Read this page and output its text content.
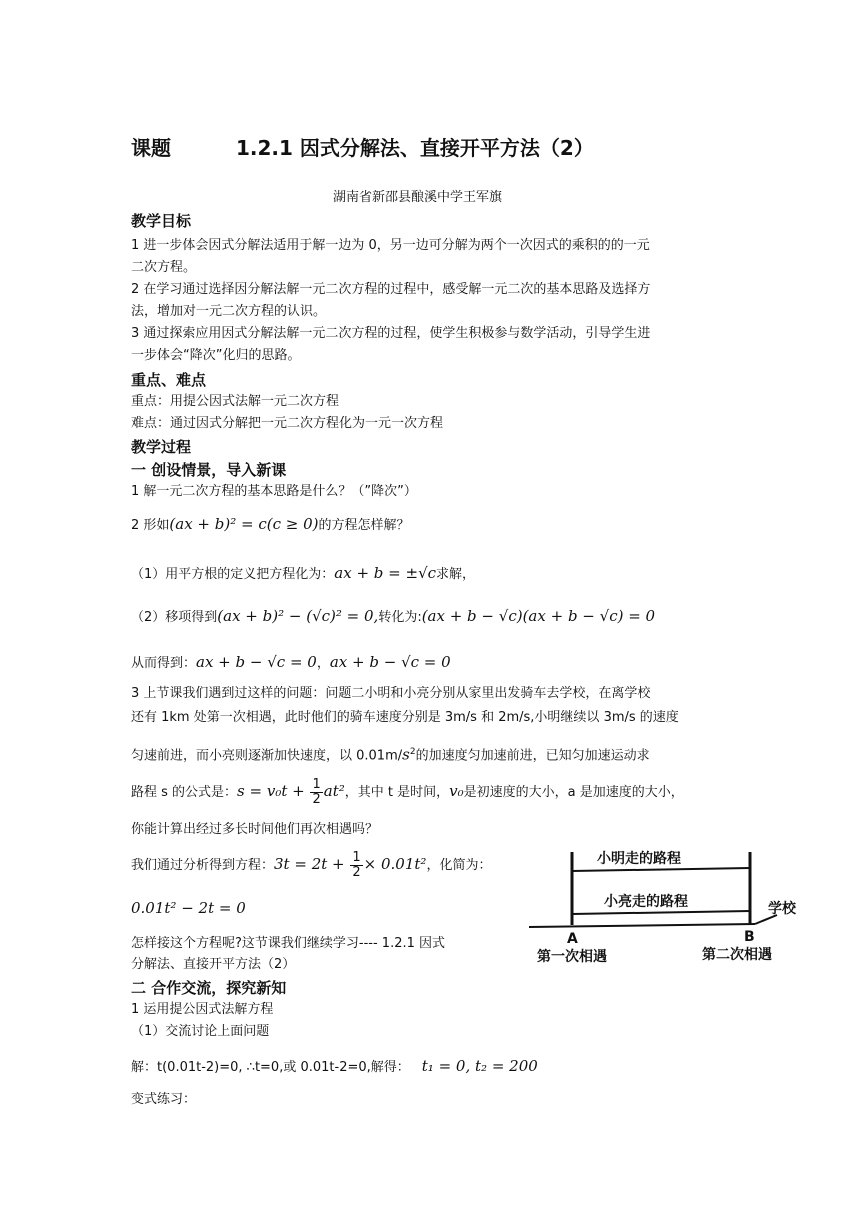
课题	1.2.1 因式分解法、直接开平方法（2）
湖南省新邵县酿溪中学王军旗
教学目标
1 进一步体会因式分解法适用于解一边为 0，另一边可分解为两个一次因式的乘积的的一元
二次方程。
2 在学习通过选择因分解法解一元二次方程的过程中，感受解一元二次的基本思路及选择方
法，增加对一元二次方程的认识。
3 通过探索应用因式分解法解一元二次方程的过程，使学生积极参与数学活动，引导学生进
一步体会“降次”化归的思路。
重点、难点
重点：用提公因式法解一元二次方程
难点：通过因式分解把一元二次方程化为一元一次方程
教学过程
一 创设情景，导入新课
1 解一元二次方程的基本思路是什么？（”降次”）
2 形如(ax + b)² = c(c ≥ 0)的方程怎样解？
（1）用平方根的定义把方程化为：ax + b = ±√c求解，
（2）移项得到(ax + b)² − (√c)² = 0,转化为:(ax + b − √c)(ax + b − √c) = 0
从而得到：ax + b − √c = 0，ax + b − √c = 0
3 上节课我们遇到过这样的问题：问题二小明和小亮分别从家里出发骑车去学校，在离学校
还有 1km 处第一次相遇，此时他们的骑车速度分别是 3m/s 和 2m/s,小明继续以 3m/s 的速度
匀速前进，而小亮则逐渐加快速度，以 $0.01m/s^2$的加速度匀加速前进，已知匀加速运动求
路程 s 的公式是：$s = v_0t + \frac{1}{2} at^2$，其中 t 是时间，v₀是初速度的大小，a 是加速度的大小，
你能计算出经过多长时间他们再次相遇吗？
我们通过分析得到方程：$3t = 2t + \frac{1}{2} \times 0.01t^2$，化简为：
0.01t² − 2t = 0
怎样接这个方程呢?这节课我们继续学习---- 1.2.1 因式
分解法、直接开平方法（2）
二 合作交流，探究新知
1 运用提公因式法解方程
（1）交流讨论上面问题
解：t(0.01t-2)=0, ∴t=0,或 0.01t-2=0,解得： t₁ = 0, t₂ = 200
变式练习：
小明走的路程
小亮走的路程	学校
A	B
第一次相遇	第二次相遇
